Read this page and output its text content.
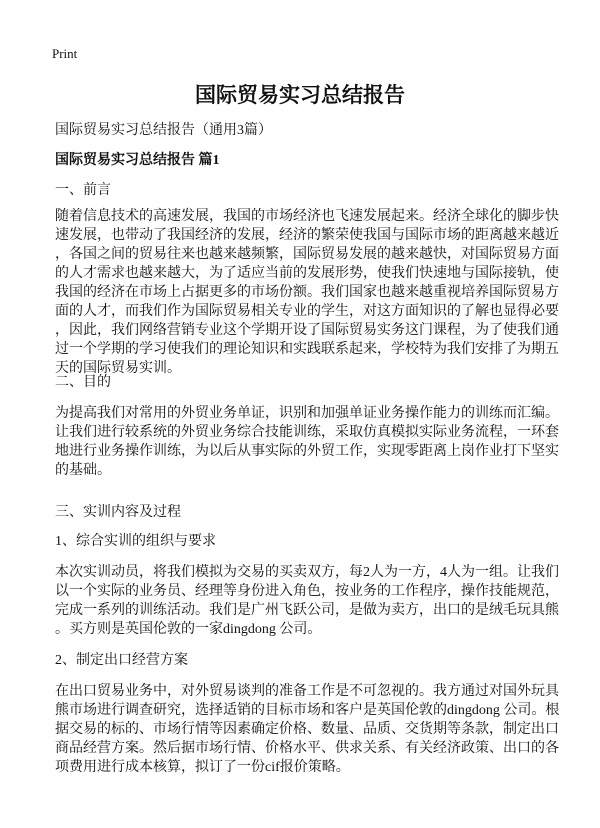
Print
国际贸易实习总结报告
国际贸易实习总结报告（通用3篇）
国际贸易实习总结报告 篇1
一、前言
随着信息技术的高速发展，我国的市场经济也飞速发展起来。经济全球化的脚步快
速发展，也带动了我国经济的发展，经济的繁荣使我国与国际市场的距离越来越近
，各国之间的贸易往来也越来越频繁，国际贸易发展的越来越快，对国际贸易方面
的人才需求也越来越大，为了适应当前的发展形势，使我们快速地与国际接轨，使
我国的经济在市场上占据更多的市场份额。我们国家也越来越重视培养国际贸易方
面的人才，而我们作为国际贸易相关专业的学生，对这方面知识的了解也显得必要
，因此，我们网络营销专业这个学期开设了国际贸易实务这门课程，为了使我们通
过一个学期的学习使我们的理论知识和实践联系起来，学校特为我们安排了为期五
天的国际贸易实训。
二、目的
为提高我们对常用的外贸业务单证，识别和加强单证业务操作能力的训练而汇编。
让我们进行较系统的外贸业务综合技能训练，采取仿真模拟实际业务流程，一环套
地进行业务操作训练，为以后从事实际的外贸工作，实现零距离上岗作业打下坚实
的基础。
三、实训内容及过程
1、综合实训的组织与要求
本次实训动员，将我们模拟为交易的买卖双方，每2人为一方，4人为一组。让我们
以一个实际的业务员、经理等身份进入角色，按业务的工作程序，操作技能规范，
完成一系列的训练活动。我们是广州飞跃公司，是做为卖方，出口的是绒毛玩具熊
。买方则是英国伦敦的一家dingdong 公司。
2、制定出口经营方案
在出口贸易业务中，对外贸易谈判的准备工作是不可忽视的。我方通过对国外玩具
熊市场进行调查研究，选择适销的目标市场和客户是英国伦敦的dingdong 公司。根
据交易的标的、市场行情等因素确定价格、数量、品质、交货期等条款，制定出口
商品经营方案。然后据市场行情、价格水平、供求关系、有关经济政策、出口的各
项费用进行成本核算，拟订了一份cif报价策略。
